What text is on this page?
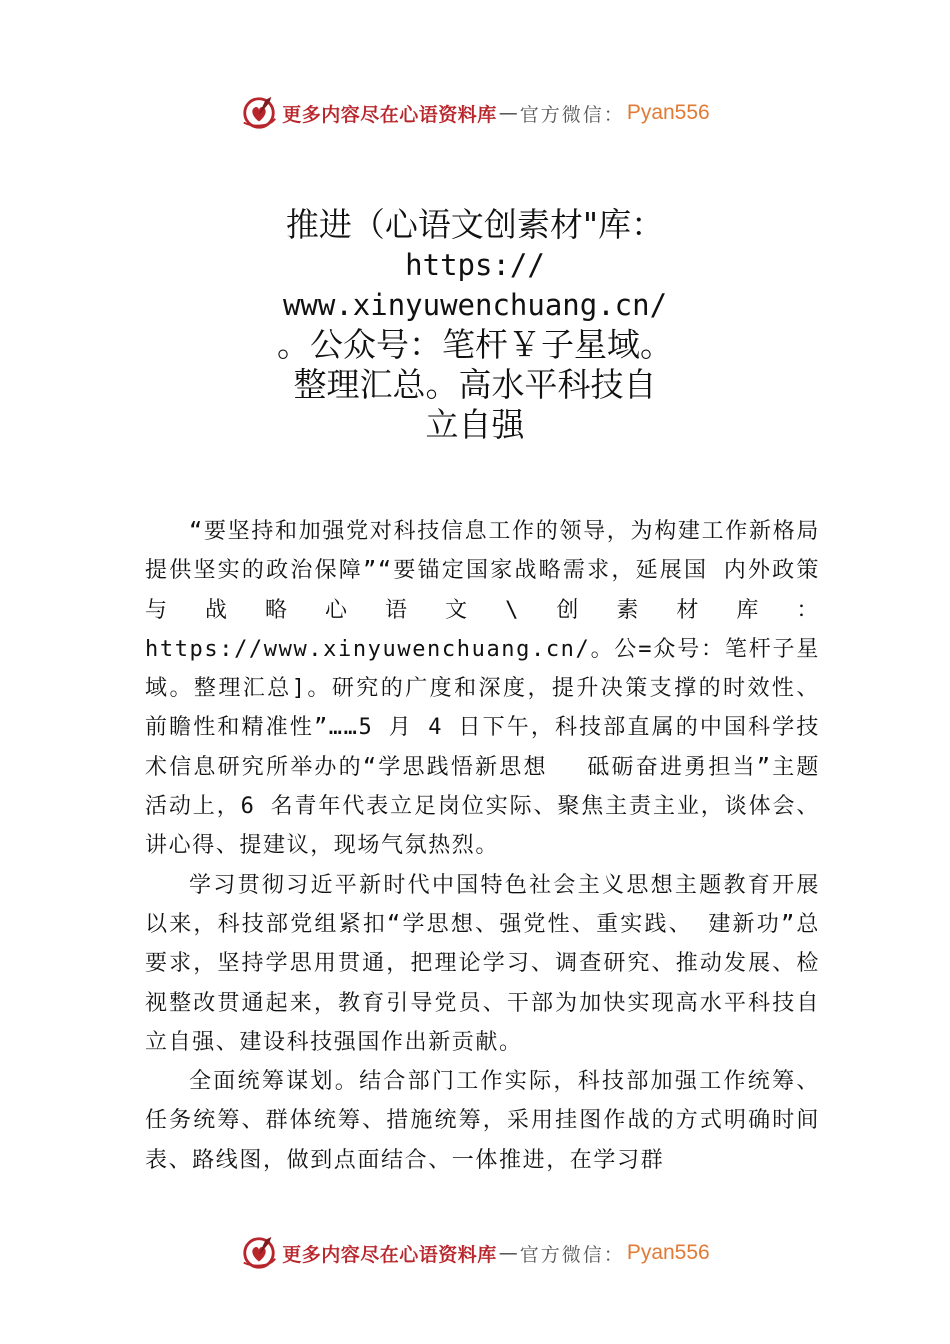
更多内容尽在心语资料库 — 官方微信： Pyan556
推进（心语文创素材"库：
https://
www.xinyuwenchuang.cn/
。公众号：笔杆￥子星域。
整理汇总。高水平科技自
立自强

“要坚持和加强党对科技信息工作的领导，为构建工作新格局提供坚实的政治保障”“要锚定国家战略需求，延展国 内外政策与战略心语文\创素材库：https://www.xinyuwenchuang.cn/。公=众号：笔杆子星域。整理汇总]。研究的广度和深度，提升决策支撑的时效性、前瞻性和精准性”……5 月 4 日下午，科技部直属的中国科学技术信息研究所举办的“学思践悟新思想　 砥砺奋进勇担当”主题活动上，6 名青年代表立足岗位实际、聚焦主责主业，谈体会、讲心得、提建议，现场气氛热烈。

学习贯彻习近平新时代中国特色社会主义思想主题教育开展以来，科技部党组紧扣“学思想、强党性、重实践、 建新功”总要求，坚持学思用贯通，把理论学习、调查研究、推动发展、检视整改贯通起来，教育引导党员、干部为加快实现高水平科技自立自强、建设科技强国作出新贡献。

全面统筹谋划。结合部门工作实际，科技部加强工作统筹、任务统筹、群体统筹、措施统筹，采用挂图作战的方式明确时间表、路线图，做到点面结合、一体推进，在学习群

更多内容尽在心语资料库 — 官方微信： Pyan556
